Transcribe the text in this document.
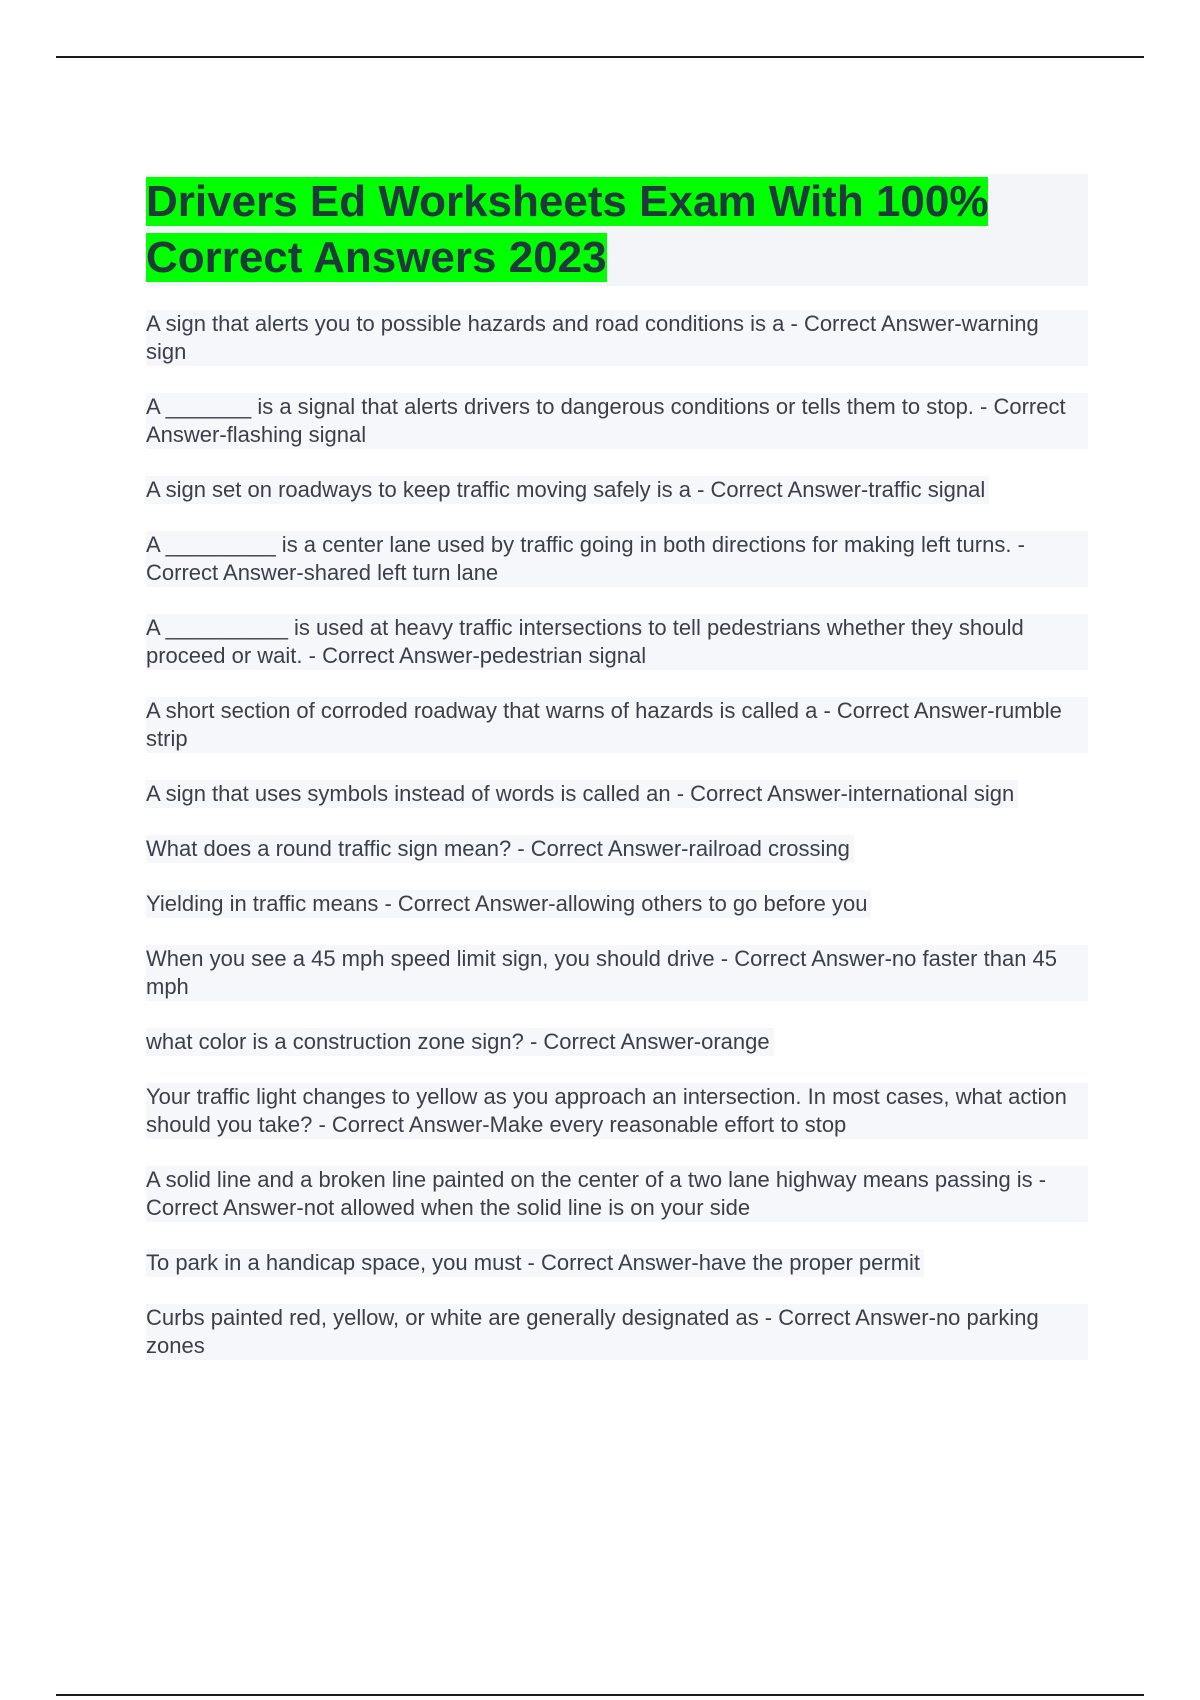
Drivers Ed Worksheets Exam With 100% Correct Answers 2023
A sign that alerts you to possible hazards and road conditions is a - Correct Answer-warning sign
A _______ is a signal that alerts drivers to dangerous conditions or tells them to stop. - Correct Answer-flashing signal
A sign set on roadways to keep traffic moving safely is a - Correct Answer-traffic signal
A _________ is a center lane used by traffic going in both directions for making left turns. - Correct Answer-shared left turn lane
A __________ is used at heavy traffic intersections to tell pedestrians whether they should proceed or wait. - Correct Answer-pedestrian signal
A short section of corroded roadway that warns of hazards is called a - Correct Answer-rumble strip
A sign that uses symbols instead of words is called an - Correct Answer-international sign
What does a round traffic sign mean? - Correct Answer-railroad crossing
Yielding in traffic means - Correct Answer-allowing others to go before you
When you see a 45 mph speed limit sign, you should drive - Correct Answer-no faster than 45 mph
what color is a construction zone sign? - Correct Answer-orange
Your traffic light changes to yellow as you approach an intersection. In most cases, what action should you take? - Correct Answer-Make every reasonable effort to stop
A solid line and a broken line painted on the center of a two lane highway means passing is - Correct Answer-not allowed when the solid line is on your side
To park in a handicap space, you must - Correct Answer-have the proper permit
Curbs painted red, yellow, or white are generally designated as - Correct Answer-no parking zones
